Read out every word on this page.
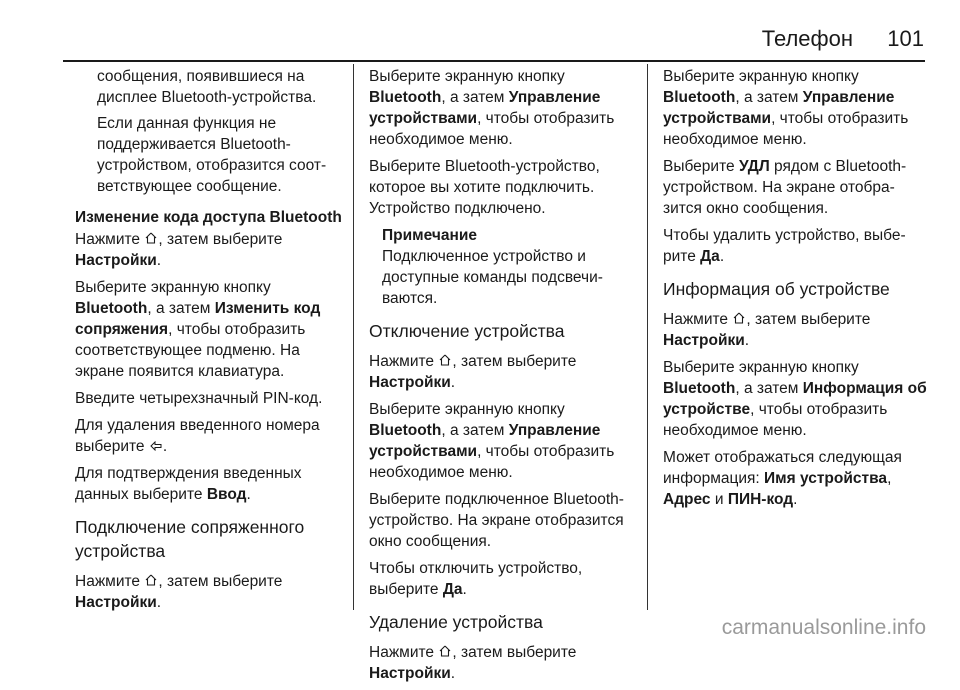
Телефон 101

сообщения, появившиеся на дисплее Bluetooth-устройства.

Если данная функция не поддерживается Bluetooth-устройством, отобразится соот-ветствующее сообщение.

Изменение кода доступа Bluetooth

Нажмите , затем выберите Настройки.

Выберите экранную кнопку Bluetooth, а затем Изменить код сопряжения, чтобы отобразить соответствующее подменю. На экране появится клавиатура.

Введите четырехзначный PIN-код.

Для удаления введенного номера выберите .

Для подтверждения введенных данных выберите Ввод.

Подключение сопряженного устройства

Нажмите , затем выберите Настройки.

Выберите экранную кнопку Bluetooth, а затем Управление устройствами, чтобы отобразить необходимое меню.

Выберите Bluetooth-устройство, которое вы хотите подключить. Устройство подключено.

Примечание
Подключенное устройство и доступные команды подсвечи-ваются.
Отключение устройства

Нажмите , затем выберите Настройки.

Выберите экранную кнопку Bluetooth, а затем Управление устройствами, чтобы отобразить необходимое меню.

Выберите подключенное Bluetooth-устройство. На экране отобразится окно сообщения.

Чтобы отключить устройство, выберите Да.

Удаление устройства

Нажмите , затем выберите Настройки.

Выберите экранную кнопку Bluetooth, а затем Управление устройствами, чтобы отобразить необходимое меню.

Выберите УДЛ рядом с Bluetooth-устройством. На экране отобра-зится окно сообщения.

Чтобы удалить устройство, выбе-рите Да.

Информация об устройстве

Нажмите , затем выберите Настройки.

Выберите экранную кнопку Bluetooth, а затем Информация об устройстве, чтобы отобразить необходимое меню.

Может отображаться следующая информация: Имя устройства, Адрес и ПИН-код.

carmanualsonline.info
